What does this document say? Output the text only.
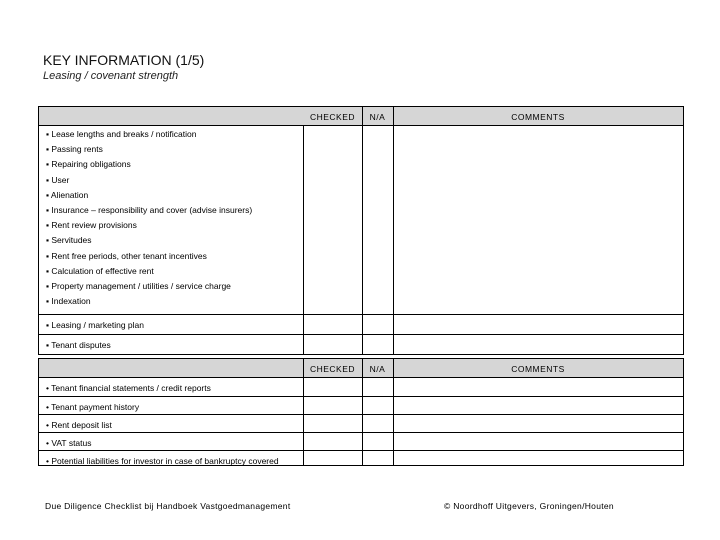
KEY INFORMATION (1/5)
Leasing / covenant strength
CHECKED	N/A	COMMENTS
▪ Lease lengths and breaks / notification
▪ Passing rents
▪ Repairing obligations
▪ User
▪ Alienation
▪ Insurance – responsibility and cover (advise insurers)
▪ Rent review provisions
▪ Servitudes
▪ Rent free periods, other tenant incentives
▪ Calculation of effective rent
▪ Property management / utilities / service charge
▪ Indexation
▪ Leasing / marketing plan
▪ Tenant disputes
CHECKED	N/A	COMMENTS
• Tenant financial statements / credit reports
• Tenant payment history
• Rent deposit list
• VAT status
• Potential liabilities for investor in case of bankruptcy covered
Due Diligence Checklist bij Handboek Vastgoedmanagement	© Noordhoff Uitgevers, Groningen/Houten
